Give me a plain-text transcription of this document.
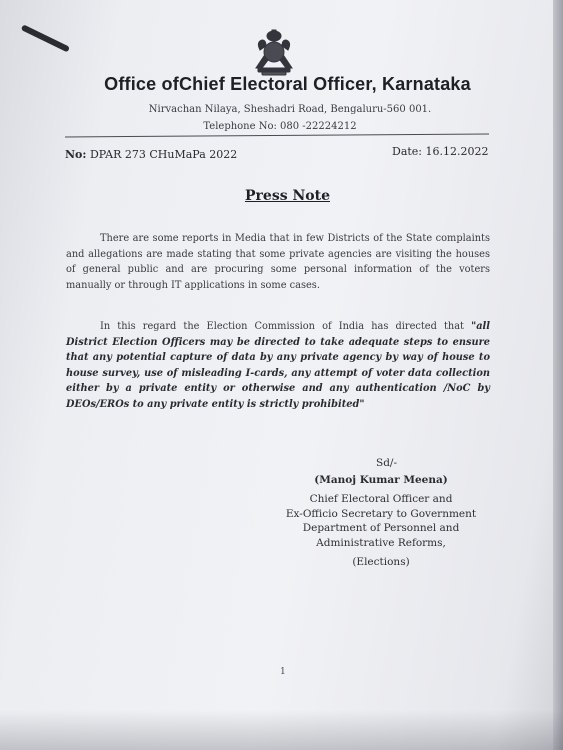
Office ofChief Electoral Officer, Karnataka
Nirvachan Nilaya, Sheshadri Road, Bengaluru-560 001.
Telephone No: 080 -22224212
No: DPAR 273 CHuMaPa 2022	Date: 16.12.2022
Press Note
There are some reports in Media that in few Districts of the State complaints and allegations are made stating that some private agencies are visiting the houses of general public and are procuring some personal information of the voters manually or through IT applications in some cases.
In this regard the Election Commission of India has directed that "all District Election Officers may be directed to take adequate steps to ensure that any potential capture of data by any private agency by way of house to house survey, use of misleading I-cards, any attempt of voter data collection either by a private entity or otherwise and any authentication /NoC by DEOs/EROs to any private entity is strictly prohibited"
Sd/-
(Manoj Kumar Meena)
Chief Electoral Officer and
Ex-Officio Secretary to Government
Department of Personnel and
Administrative Reforms,
(Elections)
1
